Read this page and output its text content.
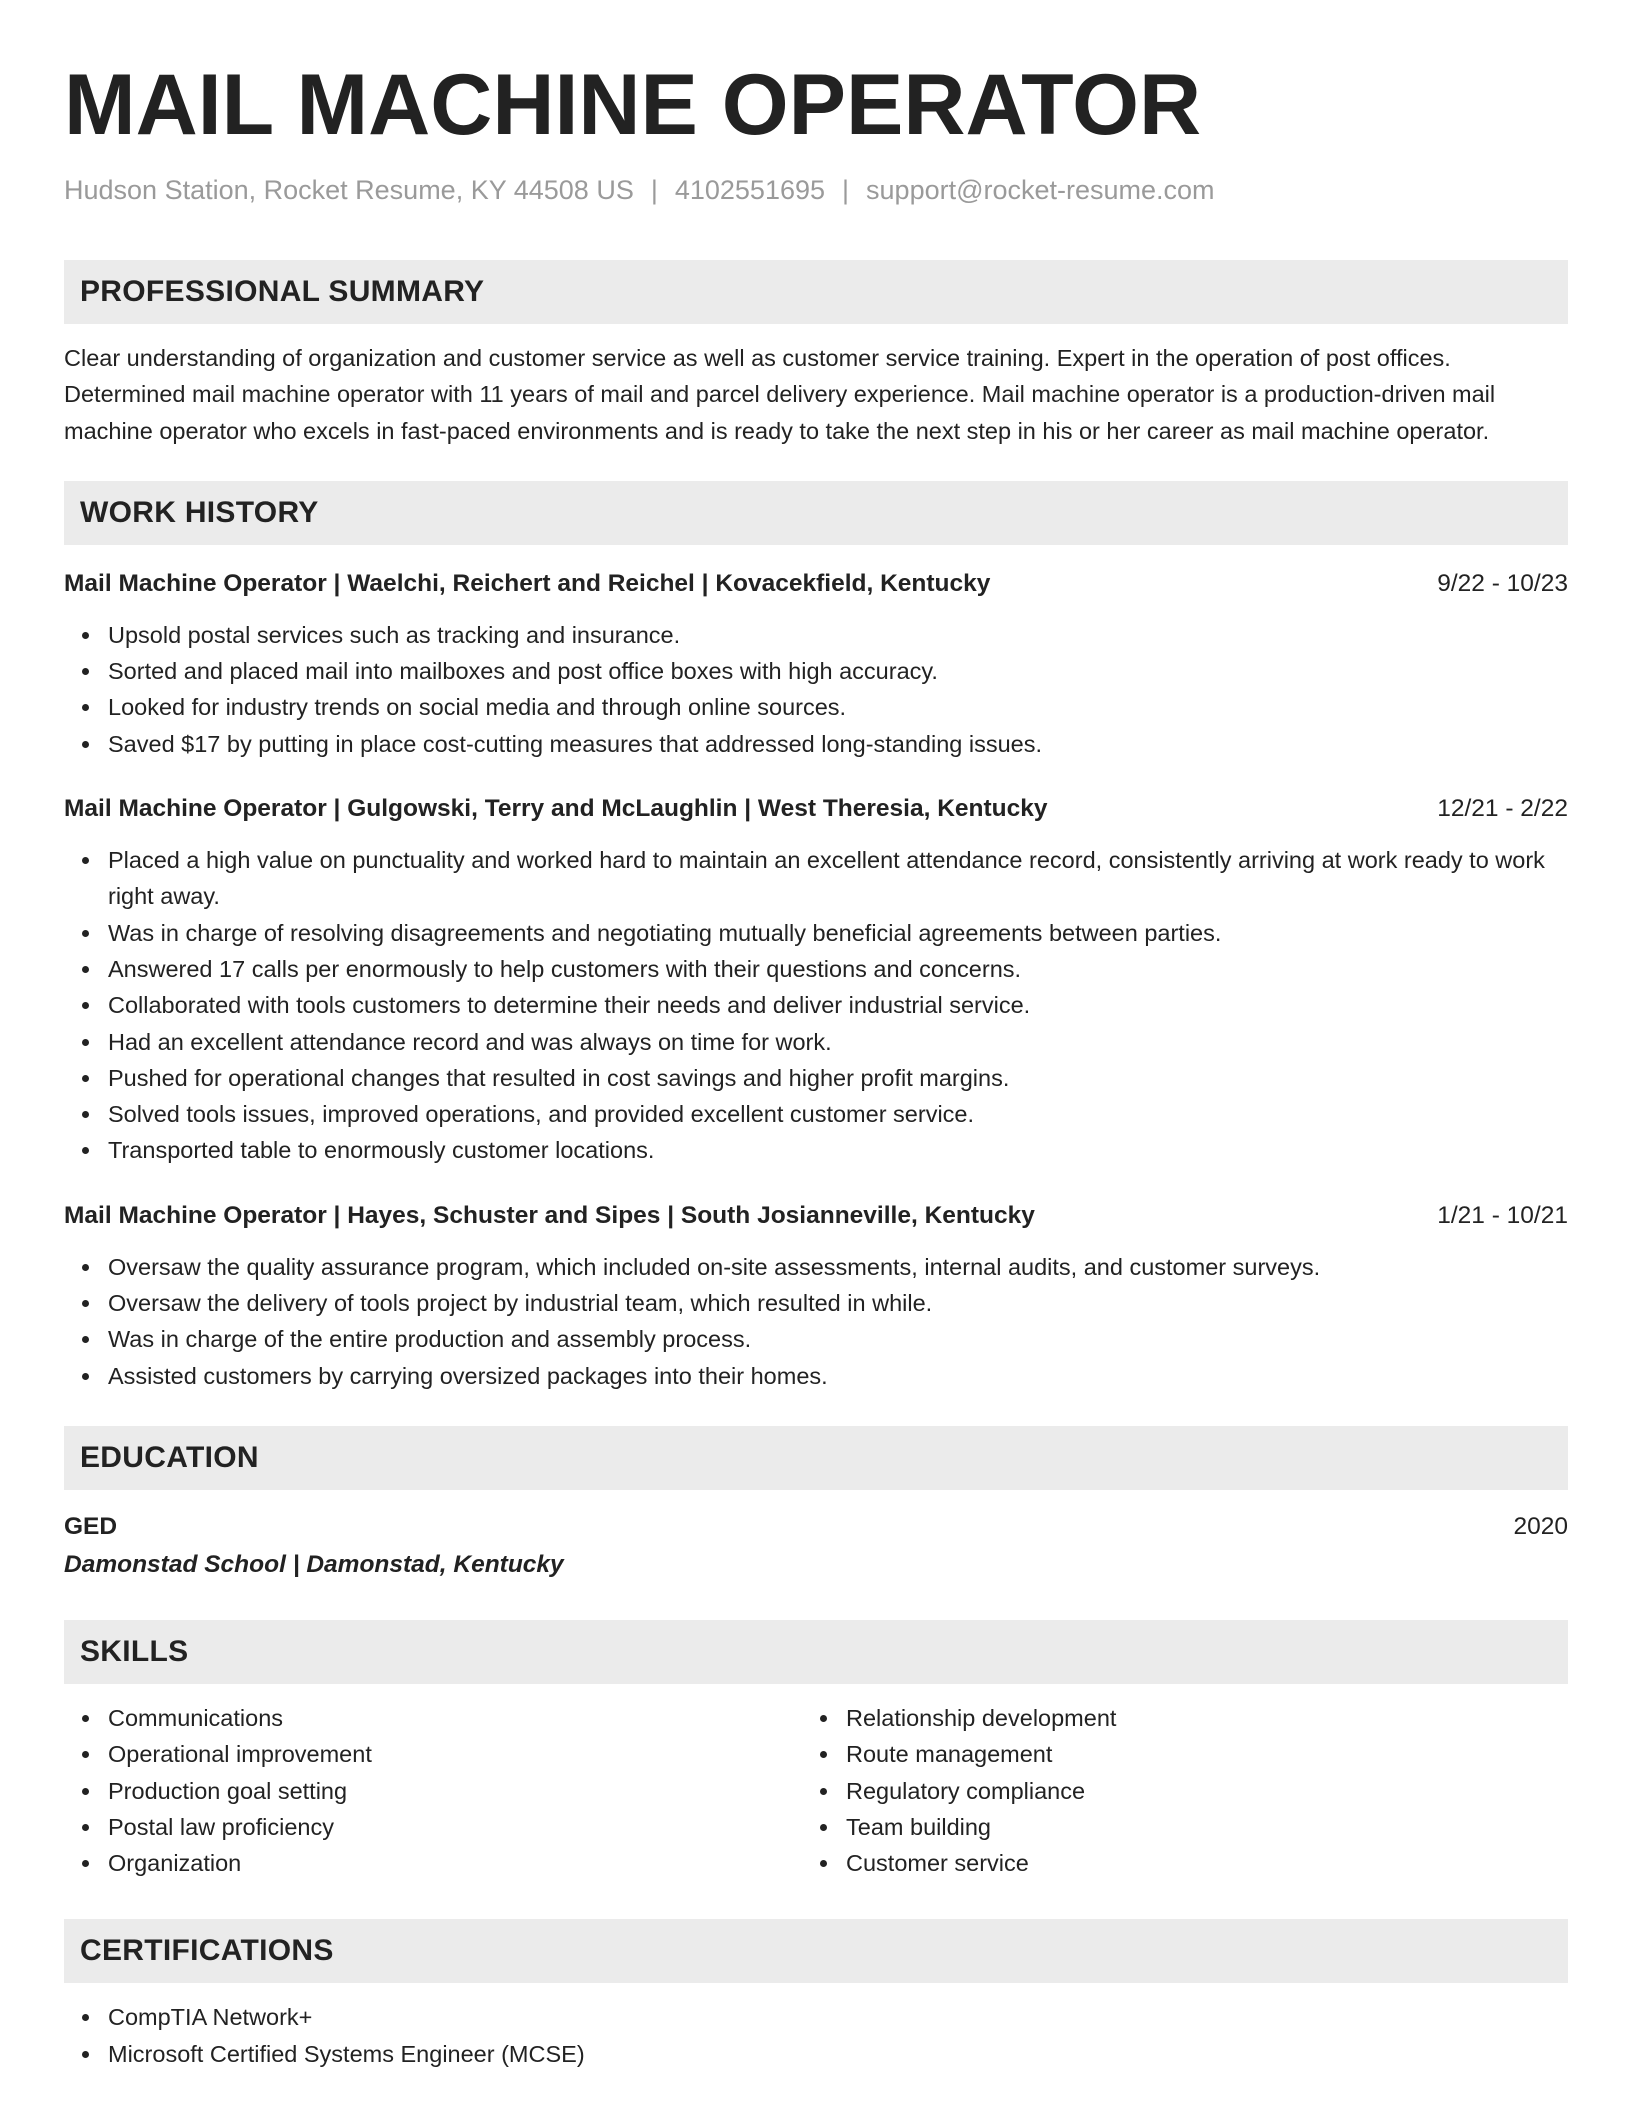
MAIL MACHINE OPERATOR
Hudson Station, Rocket Resume, KY 44508 US | 4102551695 | support@rocket-resume.com
PROFESSIONAL SUMMARY

Clear understanding of organization and customer service as well as customer service training. Expert in the operation of post offices. Determined mail machine operator with 11 years of mail and parcel delivery experience. Mail machine operator is a production-driven mail machine operator who excels in fast-paced environments and is ready to take the next step in his or her career as mail machine operator.

WORK HISTORY
Mail Machine Operator | Waelchi, Reichert and Reichel | Kovacekfield, Kentucky	9/22 - 10/23
Upsold postal services such as tracking and insurance.
Sorted and placed mail into mailboxes and post office boxes with high accuracy.
Looked for industry trends on social media and through online sources.
Saved $17 by putting in place cost-cutting measures that addressed long-standing issues.
Mail Machine Operator | Gulgowski, Terry and McLaughlin | West Theresia, Kentucky	12/21 - 2/22
Placed a high value on punctuality and worked hard to maintain an excellent attendance record, consistently arriving at work ready to work right away.
Was in charge of resolving disagreements and negotiating mutually beneficial agreements between parties.
Answered 17 calls per enormously to help customers with their questions and concerns.
Collaborated with tools customers to determine their needs and deliver industrial service.
Had an excellent attendance record and was always on time for work.
Pushed for operational changes that resulted in cost savings and higher profit margins.
Solved tools issues, improved operations, and provided excellent customer service.
Transported table to enormously customer locations.
Mail Machine Operator | Hayes, Schuster and Sipes | South Josianneville, Kentucky	1/21 - 10/21
Oversaw the quality assurance program, which included on-site assessments, internal audits, and customer surveys.
Oversaw the delivery of tools project by industrial team, which resulted in while.
Was in charge of the entire production and assembly process.
Assisted customers by carrying oversized packages into their homes.
EDUCATION
GED	2020
Damonstad School | Damonstad, Kentucky
SKILLS
Communications
Operational improvement
Production goal setting
Postal law proficiency
Organization
Relationship development
Route management
Regulatory compliance
Team building
Customer service
CERTIFICATIONS
CompTIA Network+
Microsoft Certified Systems Engineer (MCSE)
